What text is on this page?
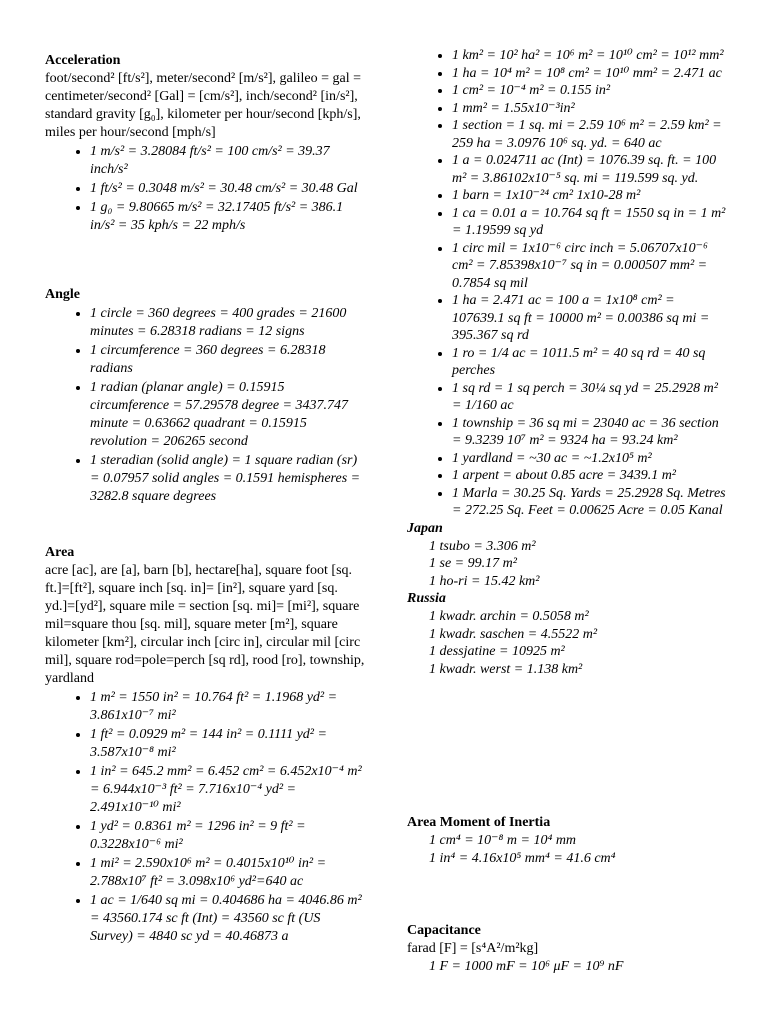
Acceleration

foot/second² [ft/s²], meter/second² [m/s²], galileo = gal = centimeter/second² [Gal] = [cm/s²], inch/second² [in/s²], standard gravity [g₀], kilometer per hour/second [kph/s], miles per hour/second [mph/s]

• 1 m/s² = 3.28084 ft/s² = 100 cm/s² = 39.37 inch/s²
• 1 ft/s² = 0.3048 m/s² = 30.48 cm/s² = 30.48 Gal
• 1 g₀ = 9.80665 m/s² = 32.17405 ft/s² = 386.1 in/s² = 35 kph/s = 22 mph/s
Angle
• 1 circle = 360 degrees = 400 grades = 21600 minutes = 6.28318 radians = 12 signs
• 1 circumference = 360 degrees = 6.28318 radians
• 1 radian (planar angle) = 0.15915 circumference = 57.29578 degree = 3437.747 minute = 0.63662 quadrant = 0.15915 revolution = 206265 second
• 1 steradian (solid angle) = 1 square radian (sr) = 0.07957 solid angles = 0.1591 hemispheres = 3282.8 square degrees
Area

acre [ac], are [a], barn [b], hectare[ha], square foot [sq. ft.]=[ft²], square inch [sq. in]= [in²], square yard [sq. yd.]=[yd²], square mile = section [sq. mi]= [mi²], square mil=square thou [sq. mil], square meter [m²], square kilometer [km²], circular inch [circ in], circular mil [circ mil], square rod=pole=perch [sq rd], rood [ro], township, yardland

• 1 m² = 1550 in² = 10.764 ft² = 1.1968 yd² = 3.861x10⁻⁷ mi²
• 1 ft² = 0.0929 m² = 144 in² = 0.1111 yd² = 3.587x10⁻⁸ mi²
• 1 in² = 645.2 mm² = 6.452 cm² = 6.452x10⁻⁴ m² = 6.944x10⁻³ ft² = 7.716x10⁻⁴ yd² = 2.491x10⁻¹⁰ mi²
• 1 yd² = 0.8361 m² = 1296 in² = 9 ft² = 0.3228x10⁻⁶ mi²
• 1 mi² = 2.590x10⁶ m² = 0.4015x10¹⁰ in² = 2.788x10⁷ ft² = 3.098x10⁶ yd²=640 ac
• 1 ac = 1/640 sq mi = 0.404686 ha = 4046.86 m² = 43560.174 sc ft (Int) = 43560 sc ft (US Survey) = 4840 sc yd = 40.46873 a
• 1 km² = 10² ha² = 10⁶ m² = 10¹⁰ cm² = 10¹² mm²
• 1 ha = 10⁴ m² = 10⁸ cm² = 10¹⁰ mm² = 2.471 ac
• 1 cm² = 10⁻⁴ m² = 0.155 in²
• 1 mm² = 1.55x10⁻³in²
• 1 section = 1 sq. mi = 2.59 10⁶ m² = 2.59 km² = 259 ha = 3.0976 10⁶ sq. yd. = 640 ac
• 1 a = 0.024711 ac (Int) = 1076.39 sq. ft. = 100 m² = 3.86102x10⁻⁵ sq. mi = 119.599 sq. yd.
• 1 barn = 1x10⁻²⁴ cm² 1x10-28 m²
• 1 ca = 0.01 a = 10.764 sq ft = 1550 sq in = 1 m² = 1.19599 sq yd
• 1 circ mil = 1x10⁻⁶ circ inch = 5.06707x10⁻⁶ cm² = 7.85398x10⁻⁷ sq in = 0.000507 mm² = 0.7854 sq mil
• 1 ha = 2.471 ac = 100 a = 1x10⁸ cm² = 107639.1 sq ft = 10000 m² = 0.00386 sq mi = 395.367 sq rd
• 1 ro = 1/4 ac = 1011.5 m² = 40 sq rd = 40 sq perches
• 1 sq rd = 1 sq perch = 30¼ sq yd = 25.2928 m² = 1/160 ac
• 1 township = 36 sq mi = 23040 ac = 36 section = 9.3239 10⁷ m² = 9324 ha = 93.24 km²
• 1 yardland = ~30 ac = ~1.2x10⁵ m²
• 1 arpent = about 0.85 acre = 3439.1 m²
• 1 Marla = 30.25 Sq. Yards = 25.2928 Sq. Metres = 272.25 Sq. Feet = 0.00625 Acre = 0.05 Kanal
Japan
1 tsubo = 3.306 m²
1 se = 99.17 m²
1 ho-ri = 15.42 km²
Russia
1 kwadr. archin = 0.5058 m²
1 kwadr. saschen = 4.5522 m²
1 dessjatine = 10925 m²
1 kwadr. werst = 1.138 km²
Area Moment of Inertia
1 cm⁴ = 10⁻⁸ m = 10⁴ mm
1 in⁴ = 4.16x10⁵ mm⁴ = 41.6 cm⁴
Capacitance

farad [F] = [s⁴A²/m²kg]

1 F = 1000 mF = 10⁶ μF = 10⁹ nF
